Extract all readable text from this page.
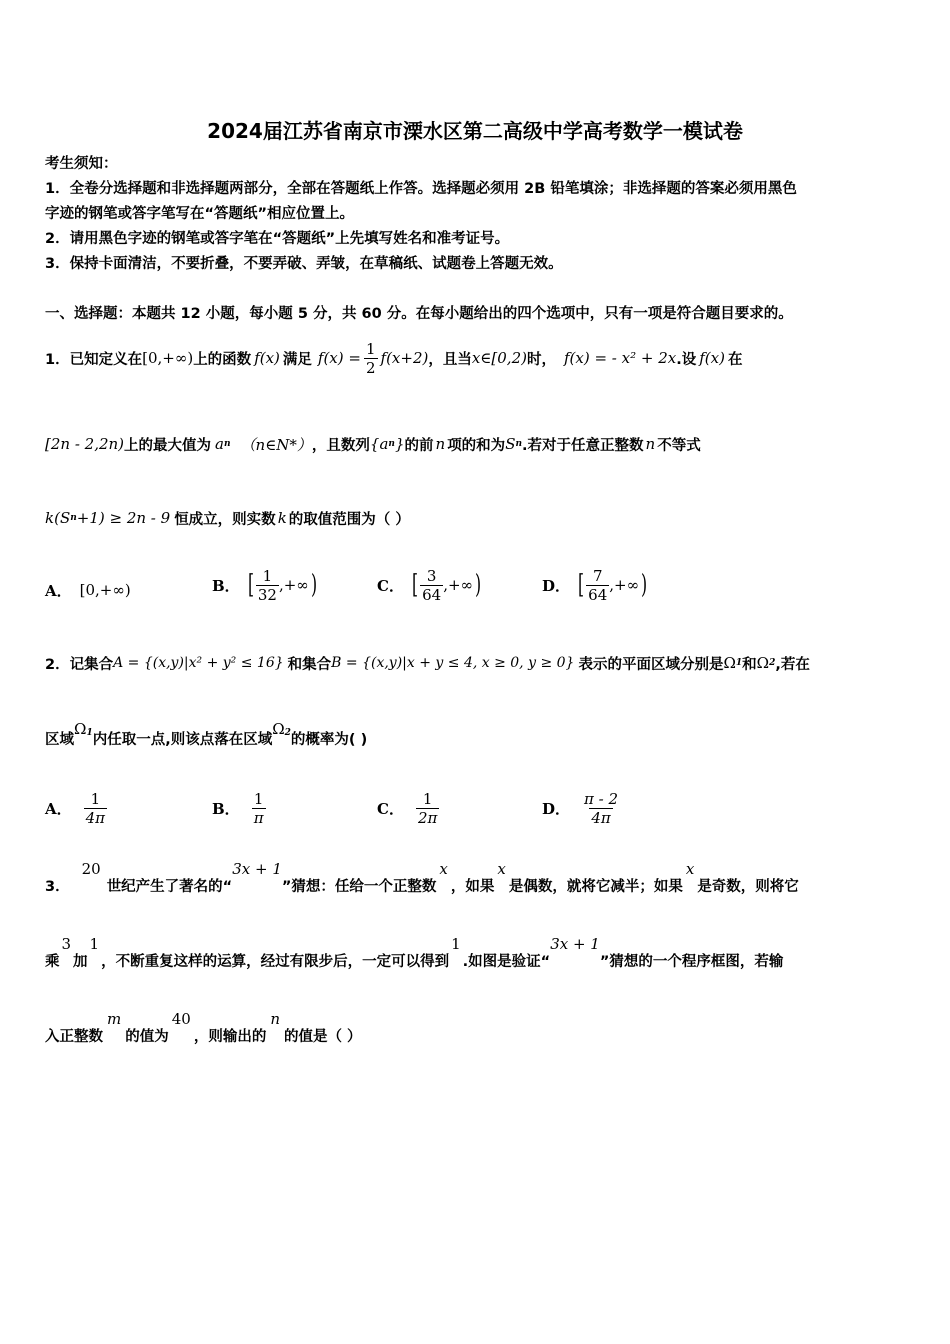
2024届江苏省南京市溧水区第二高级中学高考数学一模试卷
考生须知：
1．全卷分选择题和非选择题两部分，全部在答题纸上作答。选择题必须用 2B 铅笔填涂；非选择题的答案必须用黑色
字迹的钢笔或答字笔写在“答题纸”相应位置上。
2．请用黑色字迹的钢笔或答字笔在“答题纸”上先填写姓名和准考证号。
3．保持卡面清洁，不要折叠，不要弄破、弄皱，在草稿纸、试题卷上答题无效。
一、选择题：本题共 12 小题，每小题 5 分，共 60 分。在每小题给出的四个选项中，只有一项是符合题目要求的。
1．已知定义在 [0,+∞) 上的函数 f(x) 满足 $f(x) = \frac{1}{2} f(x+2)$ ，且当 x∈[0,2) 时， f(x) = - x² + 2x .设 f(x) 在
[2n - 2,2n) 上的最大值为 a n （n∈N*） ，且数列 {a n } 的前 n 项的和为 S n .若对于任意正整数 n 不等式
k(S n +1) ≥ 2n - 9 恒成立，则实数 k 的取值范围为（ ）
A． [0,+∞)	B． [ $\frac{1}{32}$ ,+∞ )	C． [ $\frac{3}{64}$ ,+∞ )	D． [ $\frac{7}{64}$ ,+∞ )
2．记集合 A = {(x,y)|x² + y² ≤ 16} 和集合 B = {(x,y)|x + y ≤ 4, x ≥ 0, y ≥ 0} 表示的平面区域分别是 Ω 1 和 Ω 2 ,若在
区域
Ω 1 内任取一点,则该点落在区域
Ω 2 的概率为( )
A． $\frac{1}{4\pi}$	B． $\frac{1}{\pi}$	C． $\frac{1}{2\pi}$	D． $\frac{\pi - 2}{4\pi}$
3．
20
世纪产生了著名的“
3x + 1
”猜想：任给一个正整数
x
，如果
x
是偶数，就将它减半；如果
x
是奇数，则将它
乘
3
加
1
，不断重复这样的运算，经过有限步后，一定可以得到
1
.如图是验证“
3x + 1
”猜想的一个程序框图，若输
入正整数
m
的值为
40
，则输出的
n
的值是（ ）
